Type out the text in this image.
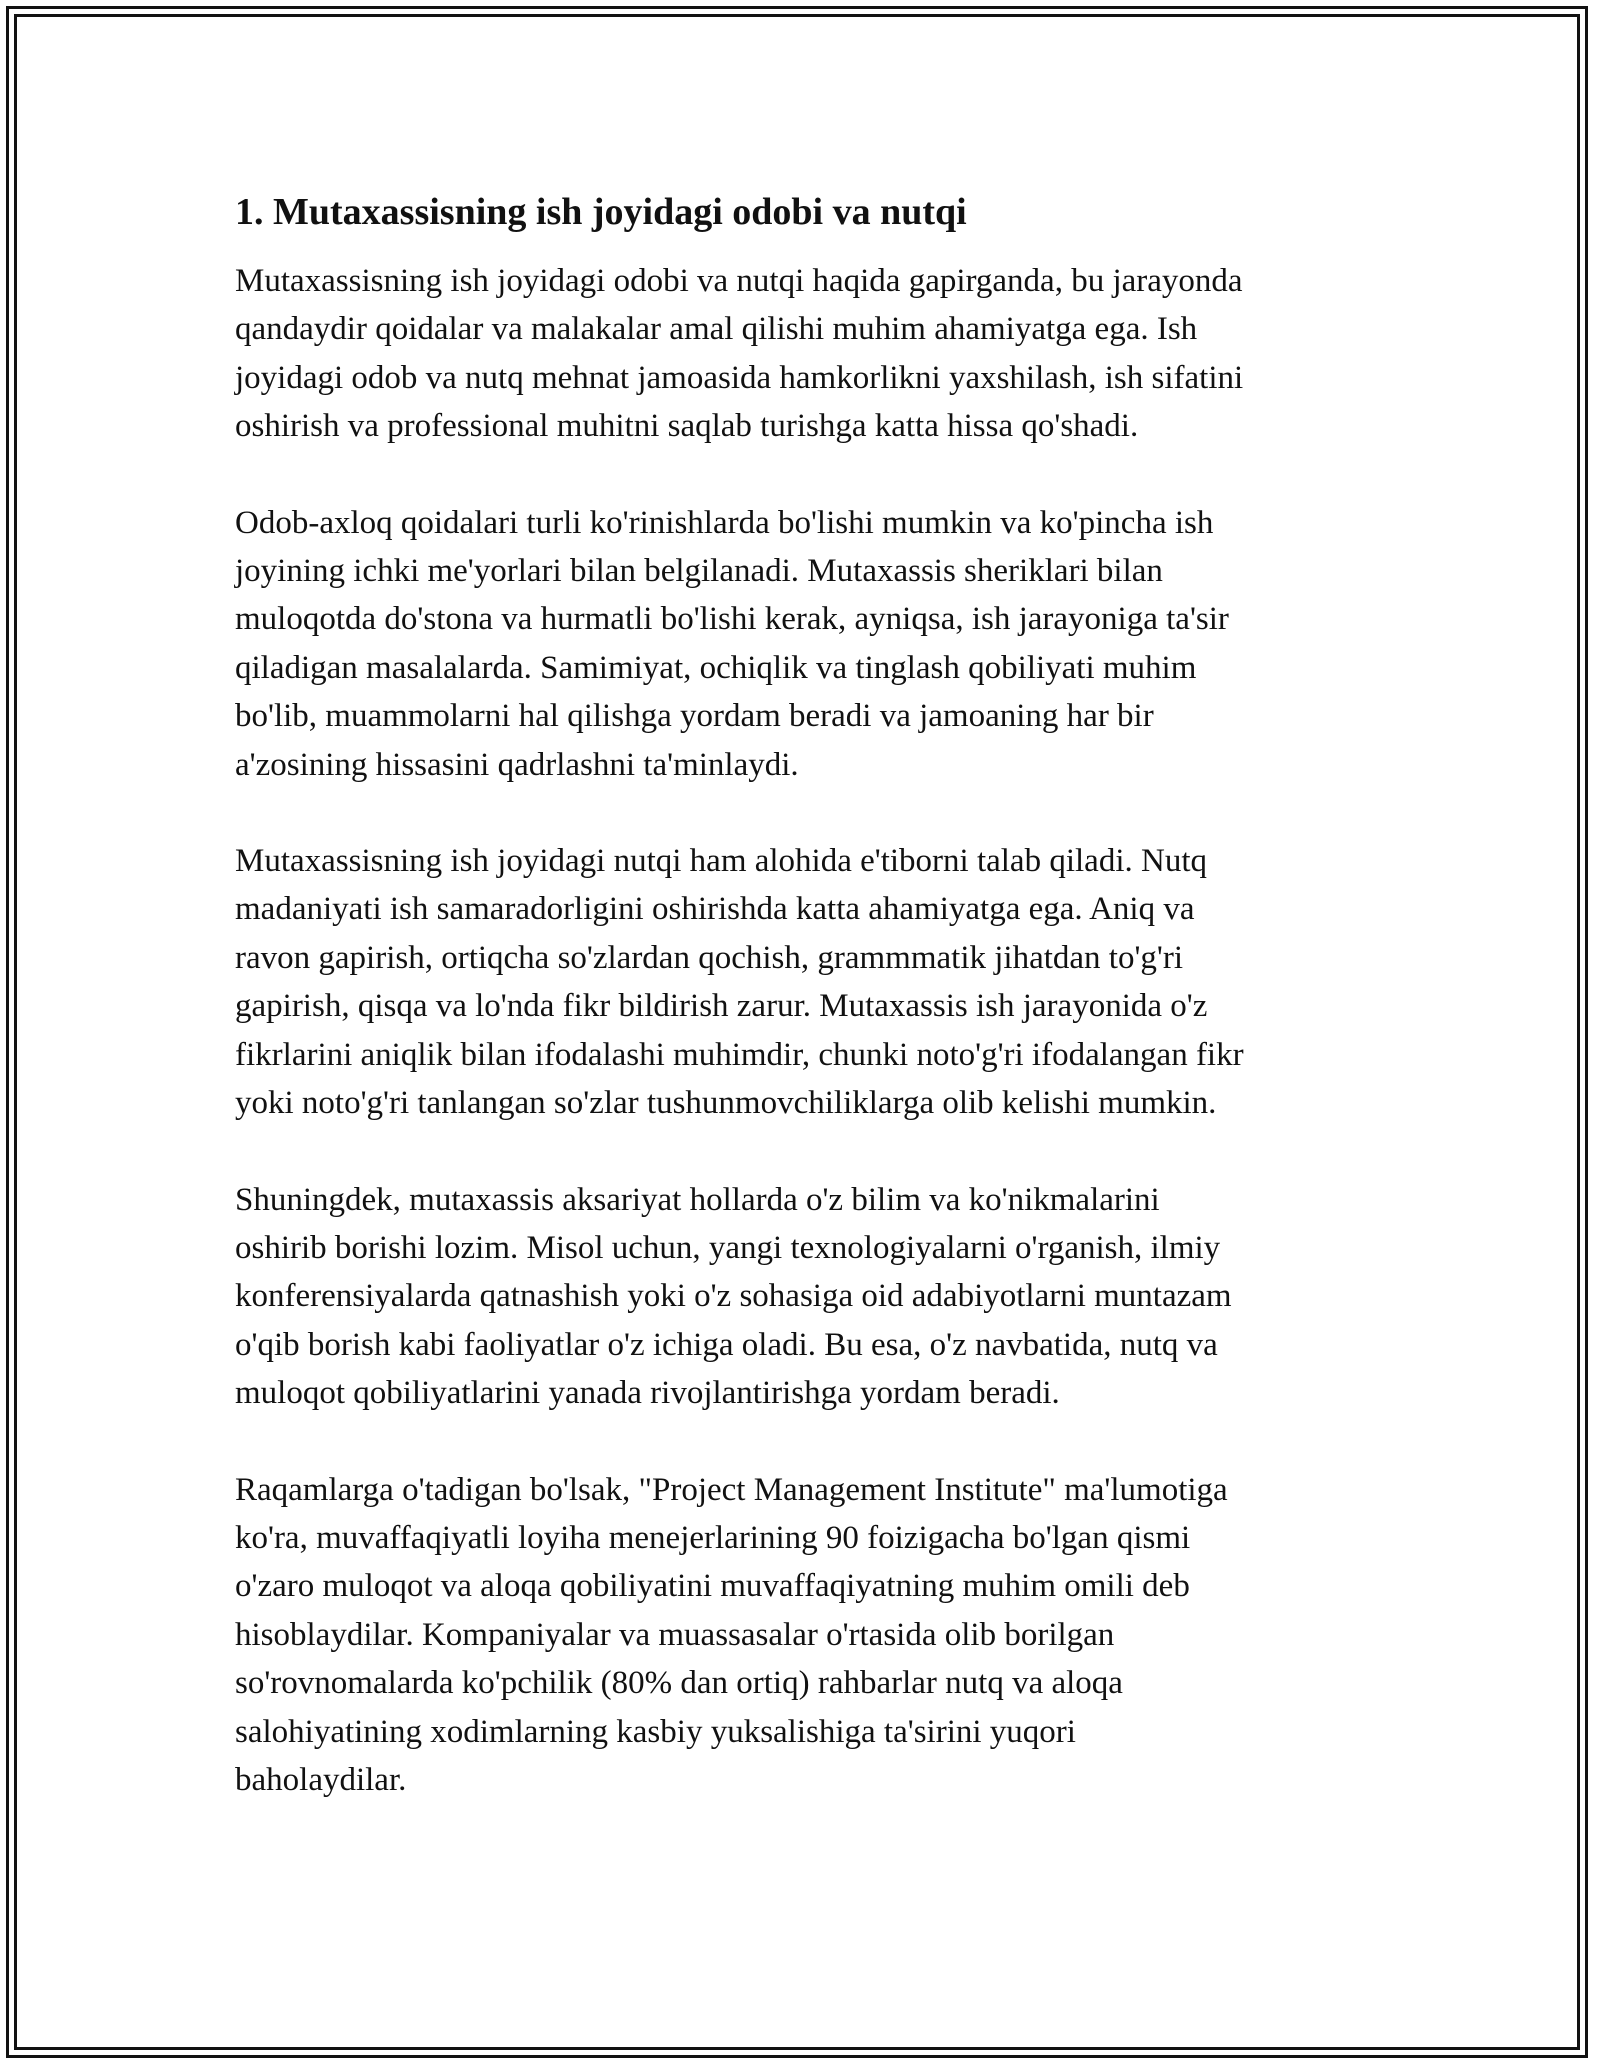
1. Mutaxassisning ish joyidagi odobi va nutqi

Mutaxassisning ish joyidagi odobi va nutqi haqida gapirganda, bu jarayonda
qandaydir qoidalar va malakalar amal qilishi muhim ahamiyatga ega. Ish
joyidagi odob va nutq mehnat jamoasida hamkorlikni yaxshilash, ish sifatini
oshirish va professional muhitni saqlab turishga katta hissa qo'shadi.

Odob-axloq qoidalari turli ko'rinishlarda bo'lishi mumkin va ko'pincha ish
joyining ichki me'yorlari bilan belgilanadi. Mutaxassis sheriklari bilan
muloqotda do'stona va hurmatli bo'lishi kerak, ayniqsa, ish jarayoniga ta'sir
qiladigan masalalarda. Samimiyat, ochiqlik va tinglash qobiliyati muhim
bo'lib, muammolarni hal qilishga yordam beradi va jamoaning har bir
a'zosining hissasini qadrlashni ta'minlaydi.

Mutaxassisning ish joyidagi nutqi ham alohida e'tiborni talab qiladi. Nutq
madaniyati ish samaradorligini oshirishda katta ahamiyatga ega. Aniq va
ravon gapirish, ortiqcha so'zlardan qochish, grammmatik jihatdan to'g'ri
gapirish, qisqa va lo'nda fikr bildirish zarur. Mutaxassis ish jarayonida o'z
fikrlarini aniqlik bilan ifodalashi muhimdir, chunki noto'g'ri ifodalangan fikr
yoki noto'g'ri tanlangan so'zlar tushunmovchiliklarga olib kelishi mumkin.

Shuningdek, mutaxassis aksariyat hollarda o'z bilim va ko'nikmalarini
oshirib borishi lozim. Misol uchun, yangi texnologiyalarni o'rganish, ilmiy
konferensiyalarda qatnashish yoki o'z sohasiga oid adabiyotlarni muntazam
o'qib borish kabi faoliyatlar o'z ichiga oladi. Bu esa, o'z navbatida, nutq va
muloqot qobiliyatlarini yanada rivojlantirishga yordam beradi.

Raqamlarga o'tadigan bo'lsak, "Project Management Institute" ma'lumotiga
ko'ra, muvaffaqiyatli loyiha menejerlarining 90 foizigacha bo'lgan qismi
o'zaro muloqot va aloqa qobiliyatini muvaffaqiyatning muhim omili deb
hisoblaydilar. Kompaniyalar va muassasalar o'rtasida olib borilgan
so'rovnomalarda ko'pchilik (80% dan ortiq) rahbarlar nutq va aloqa
salohiyatining xodimlarning kasbiy yuksalishiga ta'sirini yuqori
baholaydilar.
